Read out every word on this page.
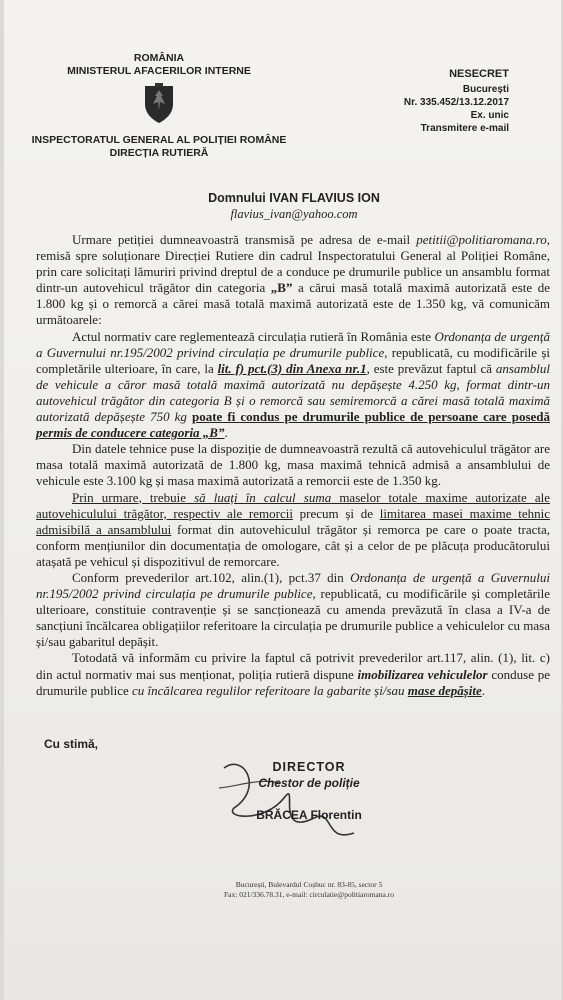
ROMÂNIA
MINISTERUL AFACERILOR INTERNE
INSPECTORATUL GENERAL AL POLIȚIEI ROMÂNE
DIRECȚIA RUTIERĂ
NESECRET
București
Nr. 335.452/13.12.2017
Ex. unic
Transmitere e-mail
Domnului IVAN FLAVIUS ION
flavius_ivan@yahoo.com

Urmare petiției dumneavoastră transmisă pe adresa de e-mail petitii@politiaromana.ro, remisă spre soluționare Direcției Rutiere din cadrul Inspectoratului General al Poliției Române, prin care solicitați lămuriri privind dreptul de a conduce pe drumurile publice un ansamblu format dintr-un autovehicul trăgător din categoria „B” a cărui masă totală maximă autorizată este de 1.800 kg și o remorcă a cărei masă totală maximă autorizată este de 1.350 kg, vă comunicăm următoarele:

Actul normativ care reglementează circulația rutieră în România este Ordonanța de urgență a Guvernului nr.195/2002 privind circulația pe drumurile publice, republicată, cu modificările și completările ulterioare, în care, la lit. f) pct.(3) din Anexa nr.1, este prevăzut faptul că ansamblul de vehicule a căror masă totală maximă autorizată nu depășește 4.250 kg, format dintr-un autovehicul trăgător din categoria B și o remorcă sau semiremorcă a cărei masă totală maximă autorizată depășește 750 kg poate fi condus pe drumurile publice de persoane care posedă permis de conducere categoria „B”.

Din datele tehnice puse la dispoziție de dumneavoastră rezultă că autovehiculul trăgător are masa totală maximă autorizată de 1.800 kg, masa maximă tehnică admisă a ansamblului de vehicule este 3.100 kg și masa maximă autorizată a remorcii este de 1.350 kg.

Prin urmare, trebuie să luați în calcul suma maselor totale maxime autorizate ale autovehiculului trăgător, respectiv ale remorcii precum și de limitarea masei maxime tehnic admisibilă a ansamblului format din autovehiculul trăgător și remorca pe care o poate tracta, conform mențiunilor din documentația de omologare, cât și a celor de pe plăcuța producătorului atașată pe vehicul și dispozitivul de remorcare.

Conform prevederilor art.102, alin.(1), pct.37 din Ordonanța de urgență a Guvernului nr.195/2002 privind circulația pe drumurile publice, republicată, cu modificările și completările ulterioare, constituie contravenție și se sancționează cu amenda prevăzută în clasa a IV-a de sancțiuni încălcarea obligațiilor referitoare la circulația pe drumurile publice a vehiculelor cu masa și/sau gabaritul depășit.

Totodată vă informăm cu privire la faptul că potrivit prevederilor art.117, alin. (1), lit. c) din actul normativ mai sus menționat, poliția rutieră dispune imobilizarea vehiculelor conduse pe drumurile publice cu încălcarea regulilor referitoare la gabarite și/sau mase depășite.

Cu stimă,
DIRECTOR
Chestor de poliție
BRĂCEA Florentin
București, Bulevardul Coșbuc nr. 83-85, sector 5
Fax: 021/336.78.31, e-mail: circulatie@politiaromana.ro
